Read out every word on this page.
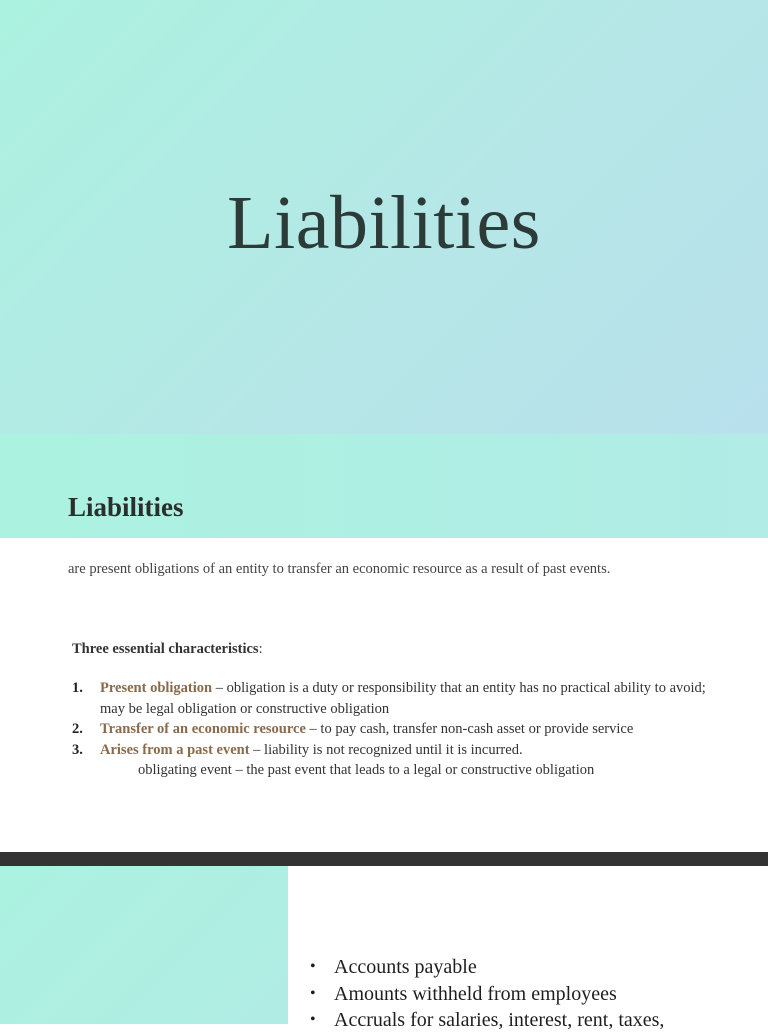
Liabilities
Liabilities
are present obligations of an entity to transfer an economic resource as a result of past events.
Three essential characteristics:
1. Present obligation – obligation is a duty or responsibility that an entity has no practical ability to avoid; may be legal obligation or constructive obligation
2. Transfer of an economic resource – to pay cash, transfer non-cash asset or provide service
3. Arises from a past event – liability is not recognized until it is incurred.
obligating event – the past event that leads to a legal or constructive obligation
• Accounts payable
• Amounts withheld from employees
• Accruals for salaries, interest, rent, taxes,
